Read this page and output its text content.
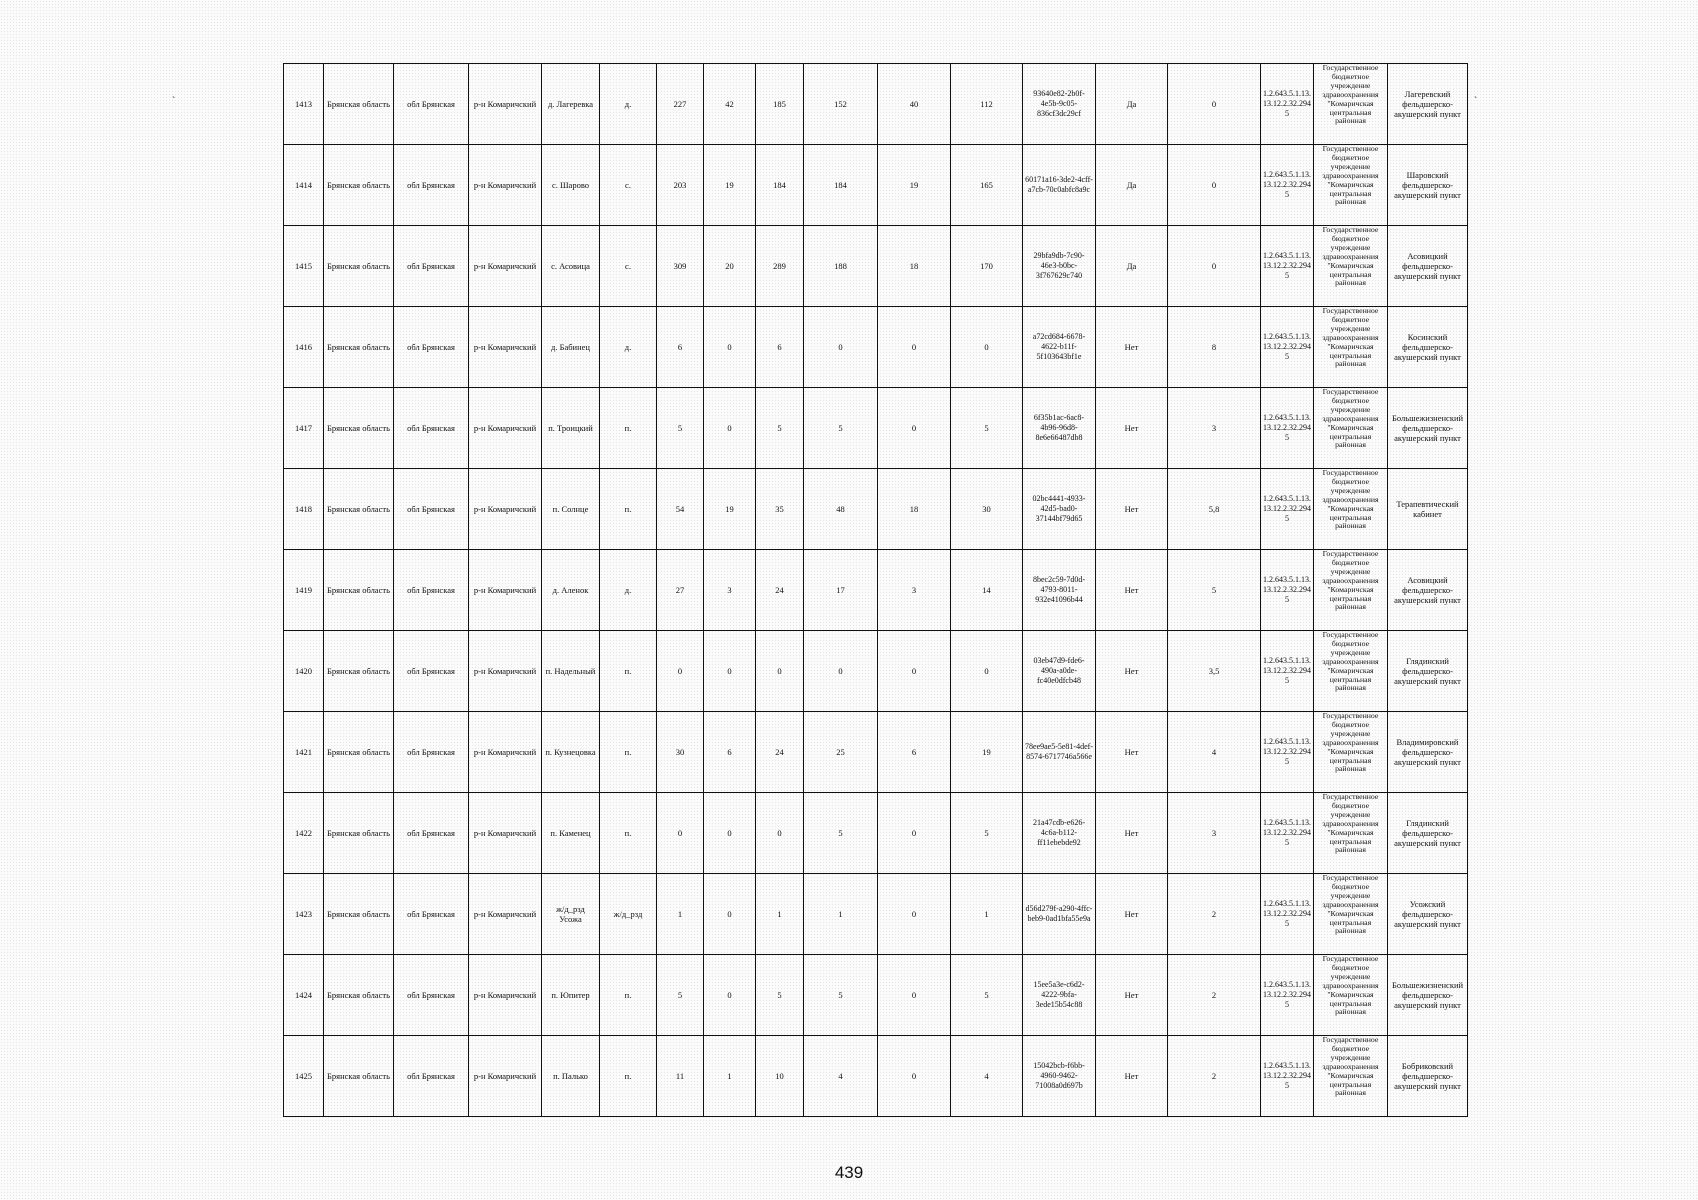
`	`
1413	Брянская область	обл Брянская	р-н Комаричский	д. Лагеревка	д.	227	42	185	152	40	112	93640e82-2b0f-4e5b-9c05-836cf3dc29cf	Да	0	1.2.643.5.1.13.13.12.2.32.2945	Государственное бюджетное учреждение здравоохранения "Комаричская центральная районная	Лагеревский фельдшерско-акушерский пункт
1414	Брянская область	обл Брянская	р-н Комаричский	с. Шарово	с.	203	19	184	184	19	165	60171a16-3de2-4cff-a7cb-70c0abfc8a9c	Да	0	1.2.643.5.1.13.13.12.2.32.2945	Государственное бюджетное учреждение здравоохранения "Комаричская центральная районная	Шаровский фельдшерско-акушерский пункт
1415	Брянская область	обл Брянская	р-н Комаричский	с. Асовица	с.	309	20	289	188	18	170	29bfa9db-7c90-46e3-b0bc-3f767629c740	Да	0	1.2.643.5.1.13.13.12.2.32.2945	Государственное бюджетное учреждение здравоохранения "Комаричская центральная районная	Асовицкий фельдшерско-акушерский пункт
1416	Брянская область	обл Брянская	р-н Комаричский	д. Бабинец	д.	6	0	6	0	0	0	a72cd684-6678-4622-b11f-5f103643bf1e	Нет	8	1.2.643.5.1.13.13.12.2.32.2945	Государственное бюджетное учреждение здравоохранения "Комаричская центральная районная	Косинский фельдшерско-акушерский пункт
1417	Брянская область	обл Брянская	р-н Комаричский	п. Троицкий	п.	5	0	5	5	0	5	6f35b1ac-6ac8-4b96-96d8-8e6e66487db8	Нет	3	1.2.643.5.1.13.13.12.2.32.2945	Государственное бюджетное учреждение здравоохранения "Комаричская центральная районная	Большежизненский фельдшерско-акушерский пункт
1418	Брянская область	обл Брянская	р-н Комаричский	п. Солнце	п.	54	19	35	48	18	30	02bc4441-4933-42d5-bad0-37144bf79d65	Нет	5,8	1.2.643.5.1.13.13.12.2.32.2945	Государственное бюджетное учреждение здравоохранения "Комаричская центральная районная	Терапевтический кабинет
1419	Брянская область	обл Брянская	р-н Комаричский	д. Аленок	д.	27	3	24	17	3	14	8bec2c59-7d0d-4793-8011-932e41096b44	Нет	5	1.2.643.5.1.13.13.12.2.32.2945	Государственное бюджетное учреждение здравоохранения "Комаричская центральная районная	Асовицкий фельдшерско-акушерский пункт
1420	Брянская область	обл Брянская	р-н Комаричский	п. Надельный	п.	0	0	0	0	0	0	03eb47d9-fde6-490a-a0de-fc40e0dfcb48	Нет	3,5	1.2.643.5.1.13.13.12.2.32.2945	Государственное бюджетное учреждение здравоохранения "Комаричская центральная районная	Глядинский фельдшерско-акушерский пункт
1421	Брянская область	обл Брянская	р-н Комаричский	п. Кузнецовка	п.	30	6	24	25	6	19	78ee9ae5-5e81-4def-8574-6717746a566e	Нет	4	1.2.643.5.1.13.13.12.2.32.2945	Государственное бюджетное учреждение здравоохранения "Комаричская центральная районная	Владимировский фельдшерско-акушерский пункт
1422	Брянская область	обл Брянская	р-н Комаричский	п. Каменец	п.	0	0	0	5	0	5	21a47cdb-e626-4c6a-b112-ff11ebebde92	Нет	3	1.2.643.5.1.13.13.12.2.32.2945	Государственное бюджетное учреждение здравоохранения "Комаричская центральная районная	Глядинский фельдшерско-акушерский пункт
1423	Брянская область	обл Брянская	р-н Комаричский	ж/д_рзд Усожа	ж/д_рзд	1	0	1	1	0	1	d56d279f-a290-4ffc-beb9-0ad1bfa55e9a	Нет	2	1.2.643.5.1.13.13.12.2.32.2945	Государственное бюджетное учреждение здравоохранения "Комаричская центральная районная	Усожский фельдшерско-акушерский пункт
1424	Брянская область	обл Брянская	р-н Комаричский	п. Юпитер	п.	5	0	5	5	0	5	15ee5a3e-c6d2-4222-9bfa-3ede15b54c88	Нет	2	1.2.643.5.1.13.13.12.2.32.2945	Государственное бюджетное учреждение здравоохранения "Комаричская центральная районная	Большежизненский фельдшерско-акушерский пункт
1425	Брянская область	обл Брянская	р-н Комаричский	п. Палько	п.	11	1	10	4	0	4	15042bcb-f6bb-4960-9462-71008a0d697b	Нет	2	1.2.643.5.1.13.13.12.2.32.2945	Государственное бюджетное учреждение здравоохранения "Комаричская центральная районная	Бобриковский фельдшерско-акушерский пункт
439
